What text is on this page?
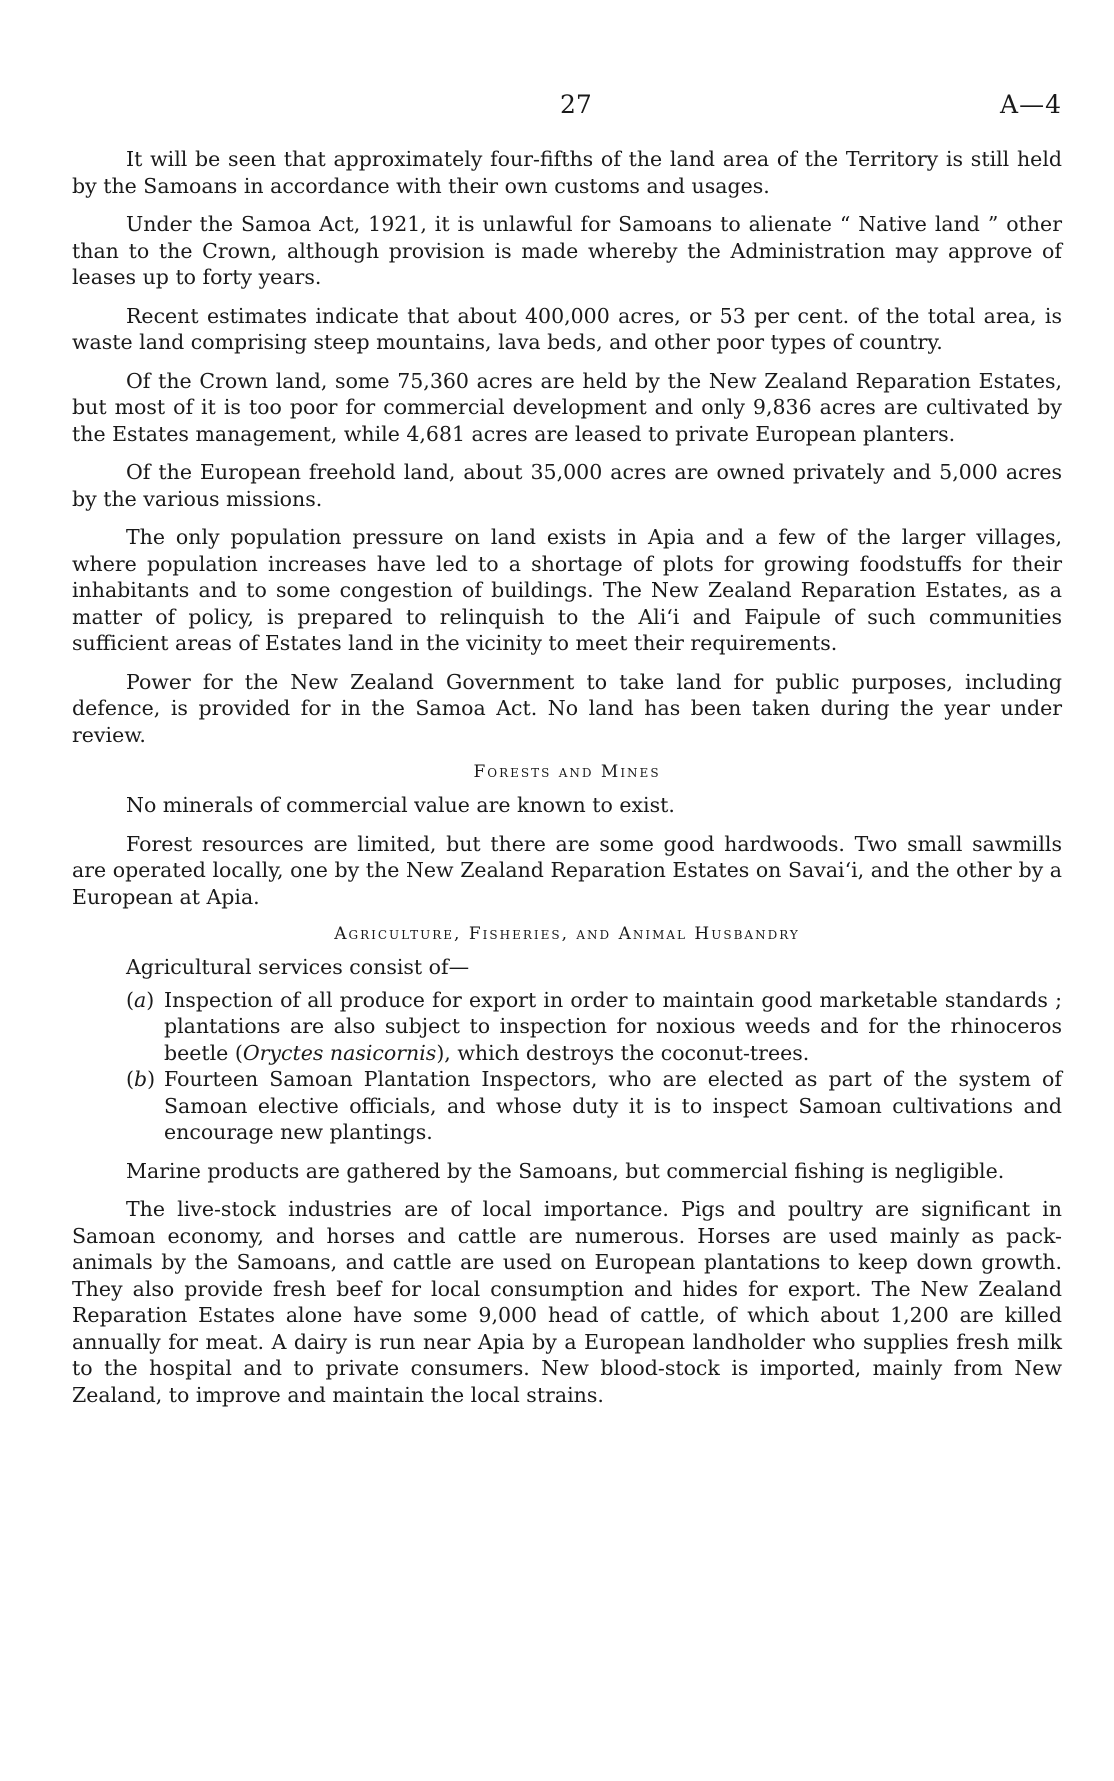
27	A—4

It will be seen that approximately four-fifths of the land area of the Territory is still held by the Samoans in accordance with their own customs and usages.

Under the Samoa Act, 1921, it is unlawful for Samoans to alienate “ Native land ” other than to the Crown, although provision is made whereby the Administration may approve of leases up to forty years.

Recent estimates indicate that about 400,000 acres, or 53 per cent. of the total area, is waste land comprising steep mountains, lava beds, and other poor types of country.

Of the Crown land, some 75,360 acres are held by the New Zealand Reparation Estates, but most of it is too poor for commercial development and only 9,836 acres are cultivated by the Estates management, while 4,681 acres are leased to private European planters.

Of the European freehold land, about 35,000 acres are owned privately and 5,000 acres by the various missions.

The only population pressure on land exists in Apia and a few of the larger villages, where population increases have led to a shortage of plots for growing foodstuffs for their inhabitants and to some congestion of buildings. The New Zealand Reparation Estates, as a matter of policy, is prepared to relinquish to the Ali‘i and Faipule of such communities sufficient areas of Estates land in the vicinity to meet their requirements.

Power for the New Zealand Government to take land for public purposes, including defence, is provided for in the Samoa Act. No land has been taken during the year under review.

Forests and Mines

No minerals of commercial value are known to exist.

Forest resources are limited, but there are some good hardwoods. Two small sawmills are operated locally, one by the New Zealand Reparation Estates on Savai‘i, and the other by a European at Apia.

Agriculture, Fisheries, and Animal Husbandry

Agricultural services consist of—

(a) Inspection of all produce for export in order to maintain good marketable standards ; plantations are also subject to inspection for noxious weeds and for the rhinoceros beetle (Oryctes nasicornis), which destroys the coconut-trees.
(b) Fourteen Samoan Plantation Inspectors, who are elected as part of the system of Samoan elective officials, and whose duty it is to inspect Samoan cultivations and encourage new plantings.

Marine products are gathered by the Samoans, but commercial fishing is negligible.

The live-stock industries are of local importance. Pigs and poultry are significant in Samoan economy, and horses and cattle are numerous. Horses are used mainly as pack-animals by the Samoans, and cattle are used on European plantations to keep down growth. They also provide fresh beef for local consumption and hides for export. The New Zealand Reparation Estates alone have some 9,000 head of cattle, of which about 1,200 are killed annually for meat. A dairy is run near Apia by a European landholder who supplies fresh milk to the hospital and to private consumers. New blood-stock is imported, mainly from New Zealand, to improve and maintain the local strains.
